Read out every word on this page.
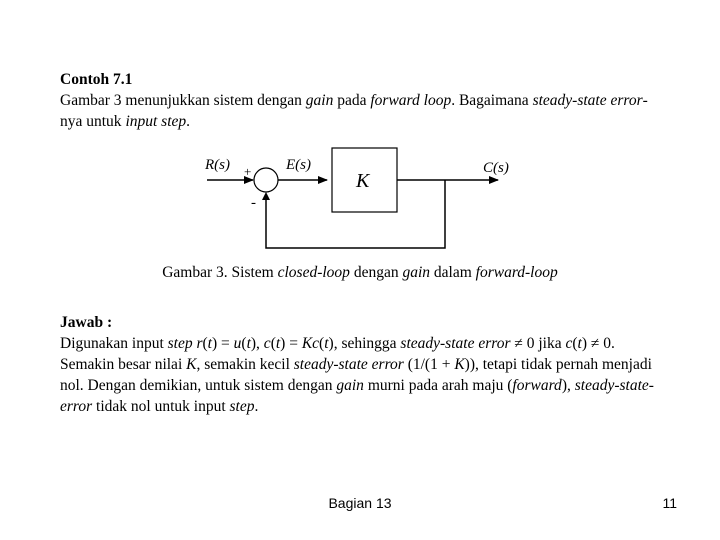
Contoh 7.1
Gambar 3 menunjukkan sistem dengan gain pada forward loop. Bagaimana steady-state error-nya untuk input step.
R(s)	E(s)	C(s)
K
+
-
Gambar 3. Sistem closed-loop dengan gain dalam forward-loop
Jawab :
Digunakan input step r(t) = u(t), c(t) = Kc(t), sehingga steady-state error ≠ 0 jika c(t) ≠ 0. Semakin besar nilai K, semakin kecil steady-state error (1/(1 + K)), tetapi tidak pernah menjadi nol. Dengan demikian, untuk sistem dengan gain murni pada arah maju (forward), steady-state-error tidak nol untuk input step.
Bagian 13	11
